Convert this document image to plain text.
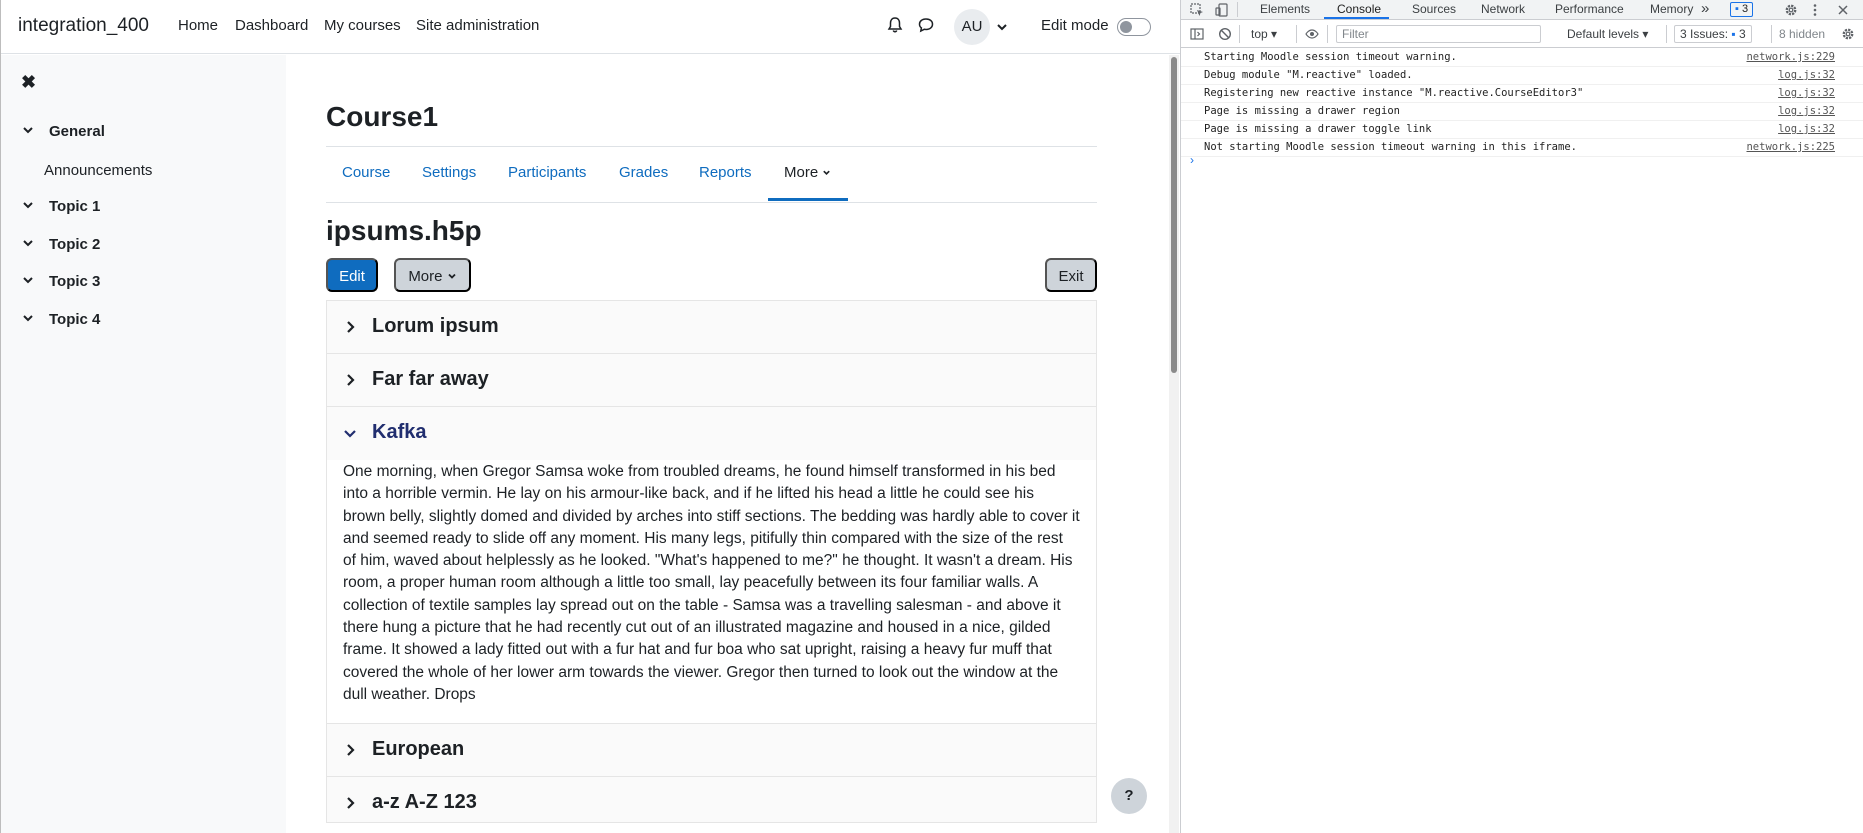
integration_400 Home Dashboard My courses Site administration	AU	Edit mode
✖
General
Announcements
Topic 1
Topic 2
Topic 3
Topic 4
Course1
Course Settings Participants Grades Reports More
ipsums.h5p
Edit	More	Exit
Lorum ipsum
Far far away
Kafka
One morning, when Gregor Samsa woke from troubled dreams, he found himself transformed in his bed into a horrible vermin. He lay on his armour-like back, and if he lifted his head a little he could see his brown belly, slightly domed and divided by arches into stiff sections. The bedding was hardly able to cover it and seemed ready to slide off any moment. His many legs, pitifully thin compared with the size of the rest of him, waved about helplessly as he looked. "What's happened to me?" he thought. It wasn't a dream. His room, a proper human room although a little too small, lay peacefully between its four familiar walls. A collection of textile samples lay spread out on the table - Samsa was a travelling salesman - and above it there hung a picture that he had recently cut out of an illustrated magazine and housed in a nice, gilded frame. It showed a lady fitted out with a fur hat and fur boa who sat upright, raising a heavy fur muff that covered the whole of her lower arm towards the viewer. Gregor then turned to look out the window at the dull weather. Drops
European
a-z A-Z 123	?
Elements Console	Sources Network Performance Memory »	▪ 3
top ▾	Filter	Default levels ▾	3 Issues: ▪ 3	8 hidden
Starting Moodle session timeout warning.	network.js:229
Debug module "M.reactive" loaded.	log.js:32
Registering new reactive instance "M.reactive.CourseEditor3"	log.js:32
Page is missing a drawer region	log.js:32
Page is missing a drawer toggle link	log.js:32
Not starting Moodle session timeout warning in this iframe.	network.js:225
›
